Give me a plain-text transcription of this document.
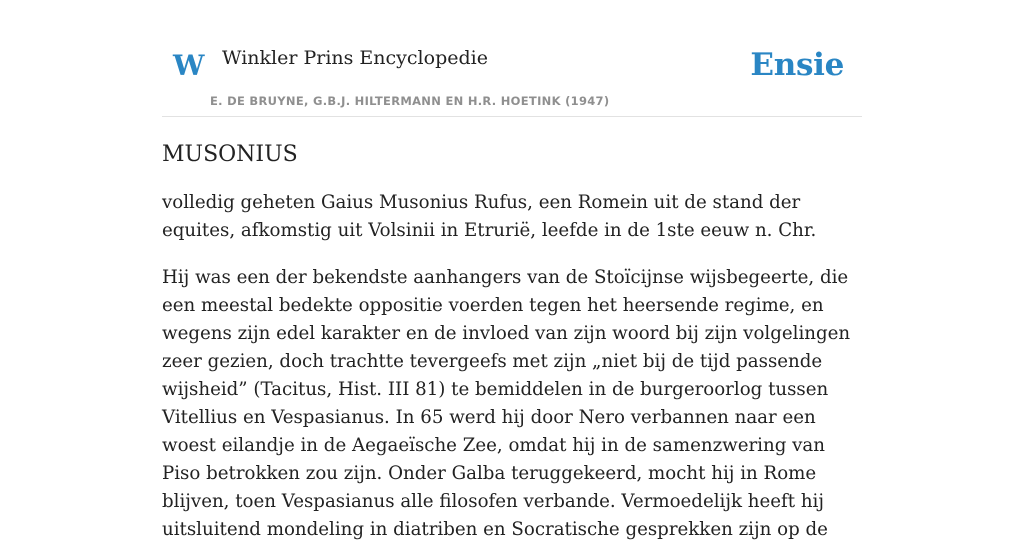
W Winkler Prins Encyclopedie
E. DE BRUYNE, G.B.J. HILTERMANN EN H.R. HOETINK (1947)
Ensie
MUSONIUS

volledig geheten Gaius Musonius Rufus, een Romein uit de stand der equites, afkomstig uit Volsinii in Etrurië, leefde in de 1ste eeuw n. Chr.

Hij was een der bekendste aanhangers van de Stoïcijnse wijsbegeerte, die een meestal bedekte oppositie voerden tegen het heersende regime, en wegens zijn edel karakter en de invloed van zijn woord bij zijn volgelingen zeer gezien, doch trachtte tevergeefs met zijn „niet bij de tijd passende wijsheid” (Tacitus, Hist. III 81) te bemiddelen in de burgeroorlog tussen Vitellius en Vespasianus. In 65 werd hij door Nero verbannen naar een woest eilandje in de Aegaeïsche Zee, omdat hij in de samenzwering van Piso betrokken zou zijn. Onder Galba teruggekeerd, mocht hij in Rome blijven, toen Vespasianus alle filosofen verbande. Vermoedelijk heeft hij uitsluitend mondeling in diatriben en Socratische gesprekken zijn op de
